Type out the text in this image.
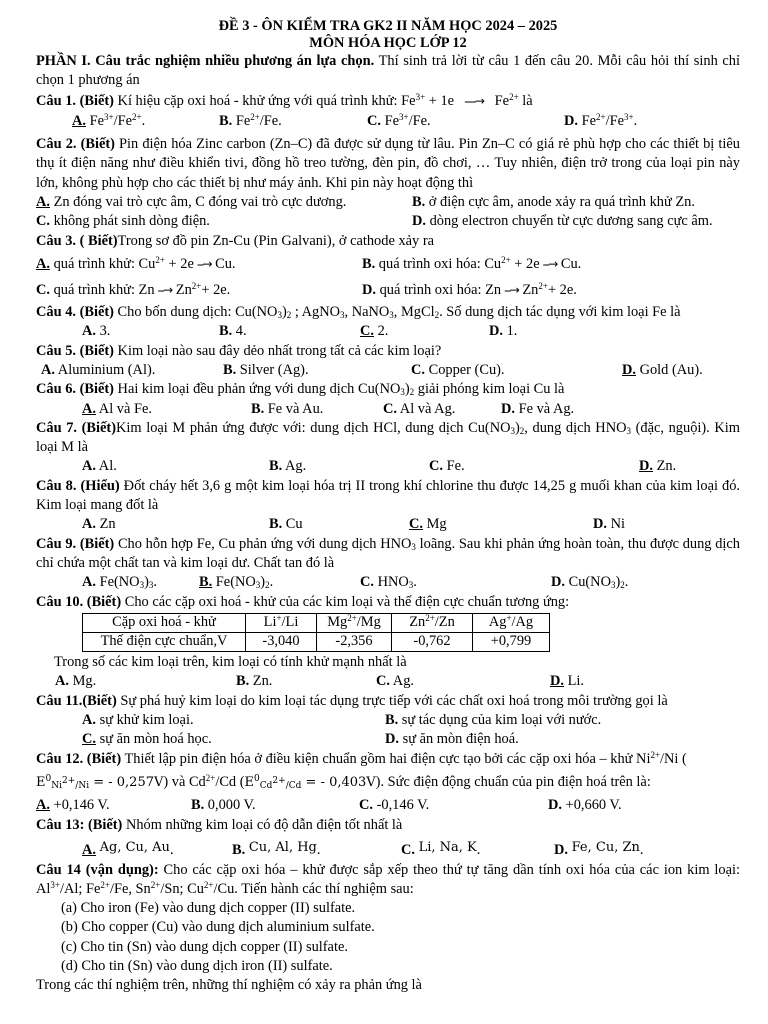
ĐỀ 3 - ÔN KIỂM TRA GK2 II NĂM HỌC 2024 – 2025
MÔN HÓA HỌC LỚP 12

PHẦN I. Câu trắc nghiệm nhiều phương án lựa chọn. Thí sinh trả lời từ câu 1 đến câu 20. Mỗi câu hỏi thí sinh chỉ chọn 1 phương án

Câu 1. (Biết) Kí hiệu cặp oxi hoá - khử ứng với quá trình khử: $Fe^{3+} + 1e$   ⎯⎯→   $Fe^{2+}$ là

A. $Fe^{3+}/Fe^{2+}$.	B. $Fe^{2+}/Fe$.	C. $Fe^{3+}/Fe$.	D. $Fe^{2+}/Fe^{3+}$.

Câu 2. (Biết) Pin điện hóa Zinc carbon (Zn–C) đã được sử dụng từ lâu. Pin Zn–C có giá rẻ phù hợp cho các thiết bị tiêu thụ ít điện năng như điều khiển tivi, đồng hồ treo tường, đèn pin, đồ chơi, … Tuy nhiên, điện trở trong của loại pin này lớn, không phù hợp cho các thiết bị như máy ảnh. Khi pin này hoạt động thì

A. Zn đóng vai trò cực âm, C đóng vai trò cực dương.	B. ở điện cực âm, anode xảy ra quá trình khử Zn.
C. không phát sinh dòng điện.	D. dòng electron chuyển từ cực dương sang cực âm.

Câu 3. ( Biết)Trong sơ đồ pin Zn-Cu (Pin Galvani), ở cathode xảy ra

A. quá trình khử: $Cu^{2+} + 2e$ ⎯→ Cu.	B. quá trình oxi hóa: $Cu^{2+} + 2e$ ⎯→ Cu.
C. quá trình khử: Zn ⎯→ $Zn^{2+}+ 2e$.	D. quá trình oxi hóa: Zn ⎯→ $Zn^{2+}+ 2e$.

Câu 4. (Biết) Cho bốn dung dịch: $Cu(NO_3)_2$ ; AgNO$_3$, NaNO$_3$, MgCl$_2$. Số dung dịch tác dụng với kim loại Fe là

A. 3.	B. 4.	C. 2.	D. 1.

Câu 5. (Biết) Kim loại nào sau đây dẻo nhất trong tất cả các kim loại?

A. Aluminium (Al).	B. Silver (Ag).	C. Copper (Cu).	D. Gold (Au).

Câu 6. (Biết) Hai kim loại đều phản ứng với dung dịch $Cu(NO_3)_2$ giải phóng kim loại Cu là

A. Al và Fe.	B. Fe và Au.	C. Al và Ag.	D. Fe và Ag.

Câu 7. (Biết)Kim loại M phản ứng được với: dung dịch HCl, dung dịch $Cu(NO_3)_2$, dung dịch $HNO_3$ (đặc, nguội). Kim loại M là

A. Al.	B. Ag.	C. Fe.	D. Zn.

Câu 8. (Hiểu) Đốt cháy hết 3,6 g một kim loại hóa trị II trong khí chlorine thu được 14,25 g muối khan của kim loại đó. Kim loại mang đốt là

A. Zn	B. Cu	C. Mg	D. Ni

Câu 9. (Biết) Cho hỗn hợp Fe, Cu phản ứng với dung dịch $HNO_3$ loãng. Sau khi phản ứng hoàn toàn, thu được dung dịch chỉ chứa một chất tan và kim loại dư. Chất tan đó là

A. $Fe(NO_3)_3$.	B. $Fe(NO_3)_2$.	C. $HNO_3$.	D. $Cu(NO_3)_2$.

Câu 10. (Biết) Cho các cặp oxi hoá - khử của các kim loại và thế điện cực chuẩn tương ứng:

Cặp oxi hoá - khử	Li+/Li	$Mg^{2+}/Mg$	$Zn^{2+}/Zn$	Ag+/Ag
Thế điện cực chuẩn,V	-3,040	-2,356	-0,762	+0,799

Trong số các kim loại trên, kim loại có tính khử mạnh nhất là

A. Mg.	B. Zn.	C. Ag.	D. Li.

Câu 11.(Biết) Sự phá huỷ kim loại do kim loại tác dụng trực tiếp với các chất oxi hoá trong môi trường gọi là

A. sự khử kim loại.	B. sự tác dụng của kim loại với nước.
C. sự ăn mòn hoá học.	D. sự ăn mòn điện hoá.

Câu 12. (Biết) Thiết lập pin điện hóa ở điều kiện chuẩn gồm hai điện cực tạo bởi các cặp oxi hóa – khử $Ni^{2+}/Ni$ (

$E^0_{Ni^{2+}/Ni}$ = - 0,257V) và $Cd^{2+}/Cd$ ($E^0_{Cd^{2+}/Cd}$ = - 0,403V). Sức điện động chuẩn của pin điện hoá trên là:

A. +0,146 V.	B. 0,000 V.	C. -0,146 V.	D. +0,660 V.

Câu 13: (Biết) Nhóm những kim loại có độ dẫn điện tốt nhất là

A. Ag, Cu, Au.	B. Cu, Al, Hg.	C. Li, Na, K.	D. Fe, Cu, Zn.

Câu 14 (vận dụng): Cho các cặp oxi hóa – khử được sắp xếp theo thứ tự tăng dần tính oxi hóa của các ion kim loại: $Al^{3+}/Al$; $Fe^{2+}/Fe$, $Sn^{2+}/Sn$; $Cu^{2+}/Cu$. Tiến hành các thí nghiệm sau:

(a) Cho iron (Fe) vào dung dịch copper (II) sulfate.

(b) Cho copper (Cu) vào dung dịch aluminium sulfate.

(c) Cho tin (Sn) vào dung dịch copper (II) sulfate.

(d) Cho tin (Sn) vào dung dịch iron (II) sulfate.

Trong các thí nghiệm trên, những thí nghiệm có xảy ra phản ứng là
